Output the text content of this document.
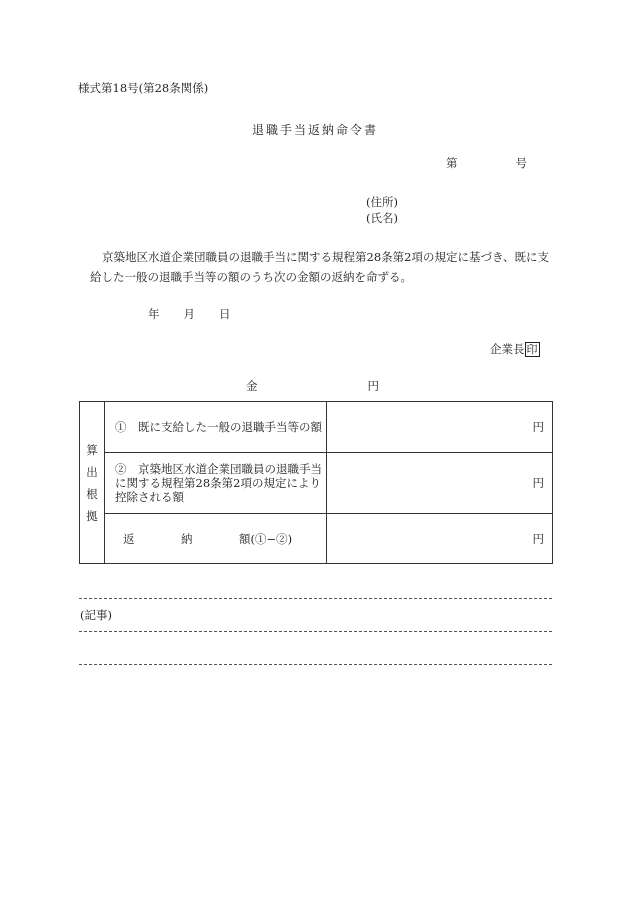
様式第18号(第28条関係)
退職手当返納命令書
第	号
(住所)
(氏名)
京築地区水道企業団職員の退職手当に関する規程第28条第2項の規定に基づき、既に支給した一般の退職手当等の額のうち次の金額の返納を命ずる。
年 月 日
企業長 印
金	円
算
出
根
拠	①　既に支給した一般の退職手当等の額	円
	②　京築地区水道企業団職員の退職手当に関する規程第28条第2項の規定により控除される額	円
	返 納 額(①−②)	円
(記事)
